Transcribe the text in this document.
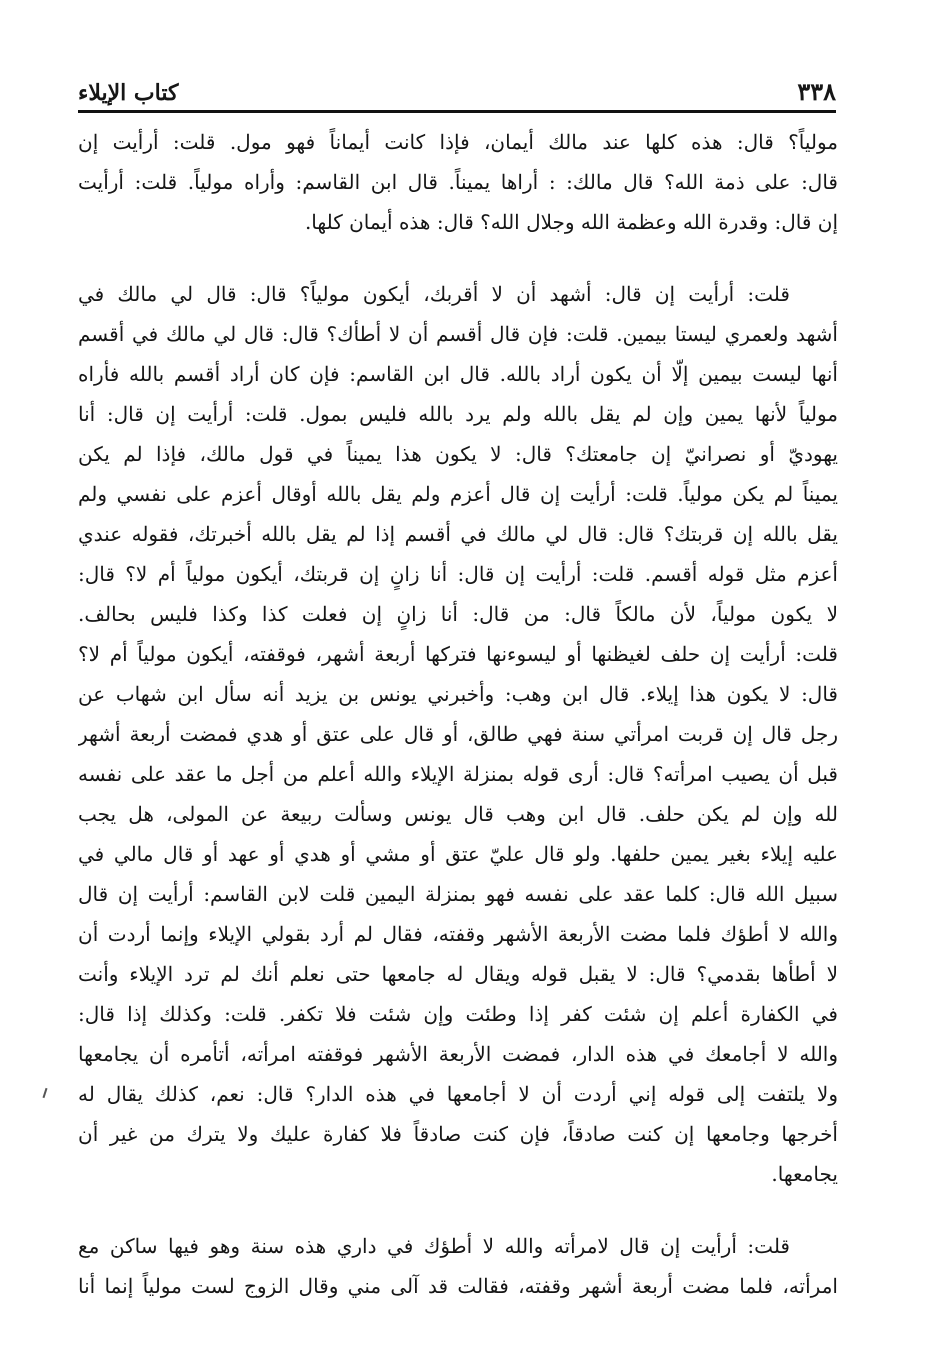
٣٣٨
كتاب الإيلاء
مولياً؟ قال: هذه كلها عند مالك أيمان، فإذا كانت أيماناً فهو مول. قلت: أرأيت إن
قال: على ذمة الله؟ قال مالك: : أراها يميناً. قال ابن القاسم: وأراه مولياً. قلت: أرأيت
إن قال: وقدرة الله وعظمة الله وجلال الله؟ قال: هذه أيمان كلها.
قلت: أرأيت إن قال: أشهد أن لا أقربك، أيكون مولياً؟ قال: قال لي مالك في
أشهد ولعمري ليستا بيمين. قلت: فإن قال أقسم أن لا أطأك؟ قال: قال لي مالك في أقسم
أنها ليست بيمين إلّا أن يكون أراد بالله. قال ابن القاسم: فإن كان أراد أقسم بالله فأراه
مولياً لأنها يمين وإن لم يقل بالله ولم يرد بالله فليس بمول. قلت: أرأيت إن قال: أنا
يهوديّ أو نصرانيّ إن جامعتك؟ قال: لا يكون هذا يميناً في قول مالك، فإذا لم يكن
يميناً لم يكن مولياً. قلت: أرأيت إن قال أعزم ولم يقل بالله أوقال أعزم على نفسي ولم
يقل بالله إن قربتك؟ قال: قال لي مالك في أقسم إذا لم يقل بالله أخبرتك، فقوله عندي
أعزم مثل قوله أقسم. قلت: أرأيت إن قال: أنا زانٍ إن قربتك، أيكون مولياً أم لا؟ قال:
لا يكون مولياً، لأن مالكاً قال: من قال: أنا زانٍ إن فعلت كذا وكذا فليس بحالف.
قلت: أرأيت إن حلف لغيظنها أو ليسوءنها فتركها أربعة أشهر، فوقفته، أيكون مولياً أم لا؟
قال: لا يكون هذا إيلاء. قال ابن وهب: وأخبرني يونس بن يزيد أنه سأل ابن شهاب عن
رجل قال إن قربت امرأتي سنة فهي طالق، أو قال على عتق أو هدي فمضت أربعة أشهر
قبل أن يصيب امرأته؟ قال: أرى قوله بمنزلة الإيلاء والله أعلم من أجل ما عقد على نفسه
لله وإن لم يكن حلف. قال ابن وهب قال يونس وسألت ربيعة عن المولى، هل يجب
عليه إيلاء بغير يمين حلفها. ولو قال عليّ عتق أو مشي أو هدي أو عهد أو قال مالي في
سبيل الله قال: كلما عقد على نفسه فهو بمنزلة اليمين قلت لابن القاسم: أرأيت إن قال
والله لا أطؤك فلما مضت الأربعة الأشهر وقفته، فقال لم أرد بقولي الإيلاء وإنما أردت أن
لا أطأها بقدمي؟ قال: لا يقبل قوله ويقال له جامعها حتى نعلم أنك لم ترد الإيلاء وأنت
في الكفارة أعلم إن شئت كفر إذا وطئت وإن شئت فلا تكفر. قلت: وكذلك إذا قال:
والله لا أجامعك في هذه الدار، فمضت الأربعة الأشهر فوقفته امرأته، أتأمره أن يجامعها
ولا يلتفت إلى قوله إني أردت أن لا أجامعها في هذه الدار؟ قال: نعم، كذلك يقال له
أخرجها وجامعها إن كنت صادقاً، فإن كنت صادقاً فلا كفارة عليك ولا يترك من غير أن
يجامعها.
قلت: أرأيت إن قال لامرأته والله لا أطؤك في داري هذه سنة وهو فيها ساكن مع
امرأته، فلما مضت أربعة أشهر وقفته، فقالت قد آلى مني وقال الزوج لست مولياً إنما أنا
